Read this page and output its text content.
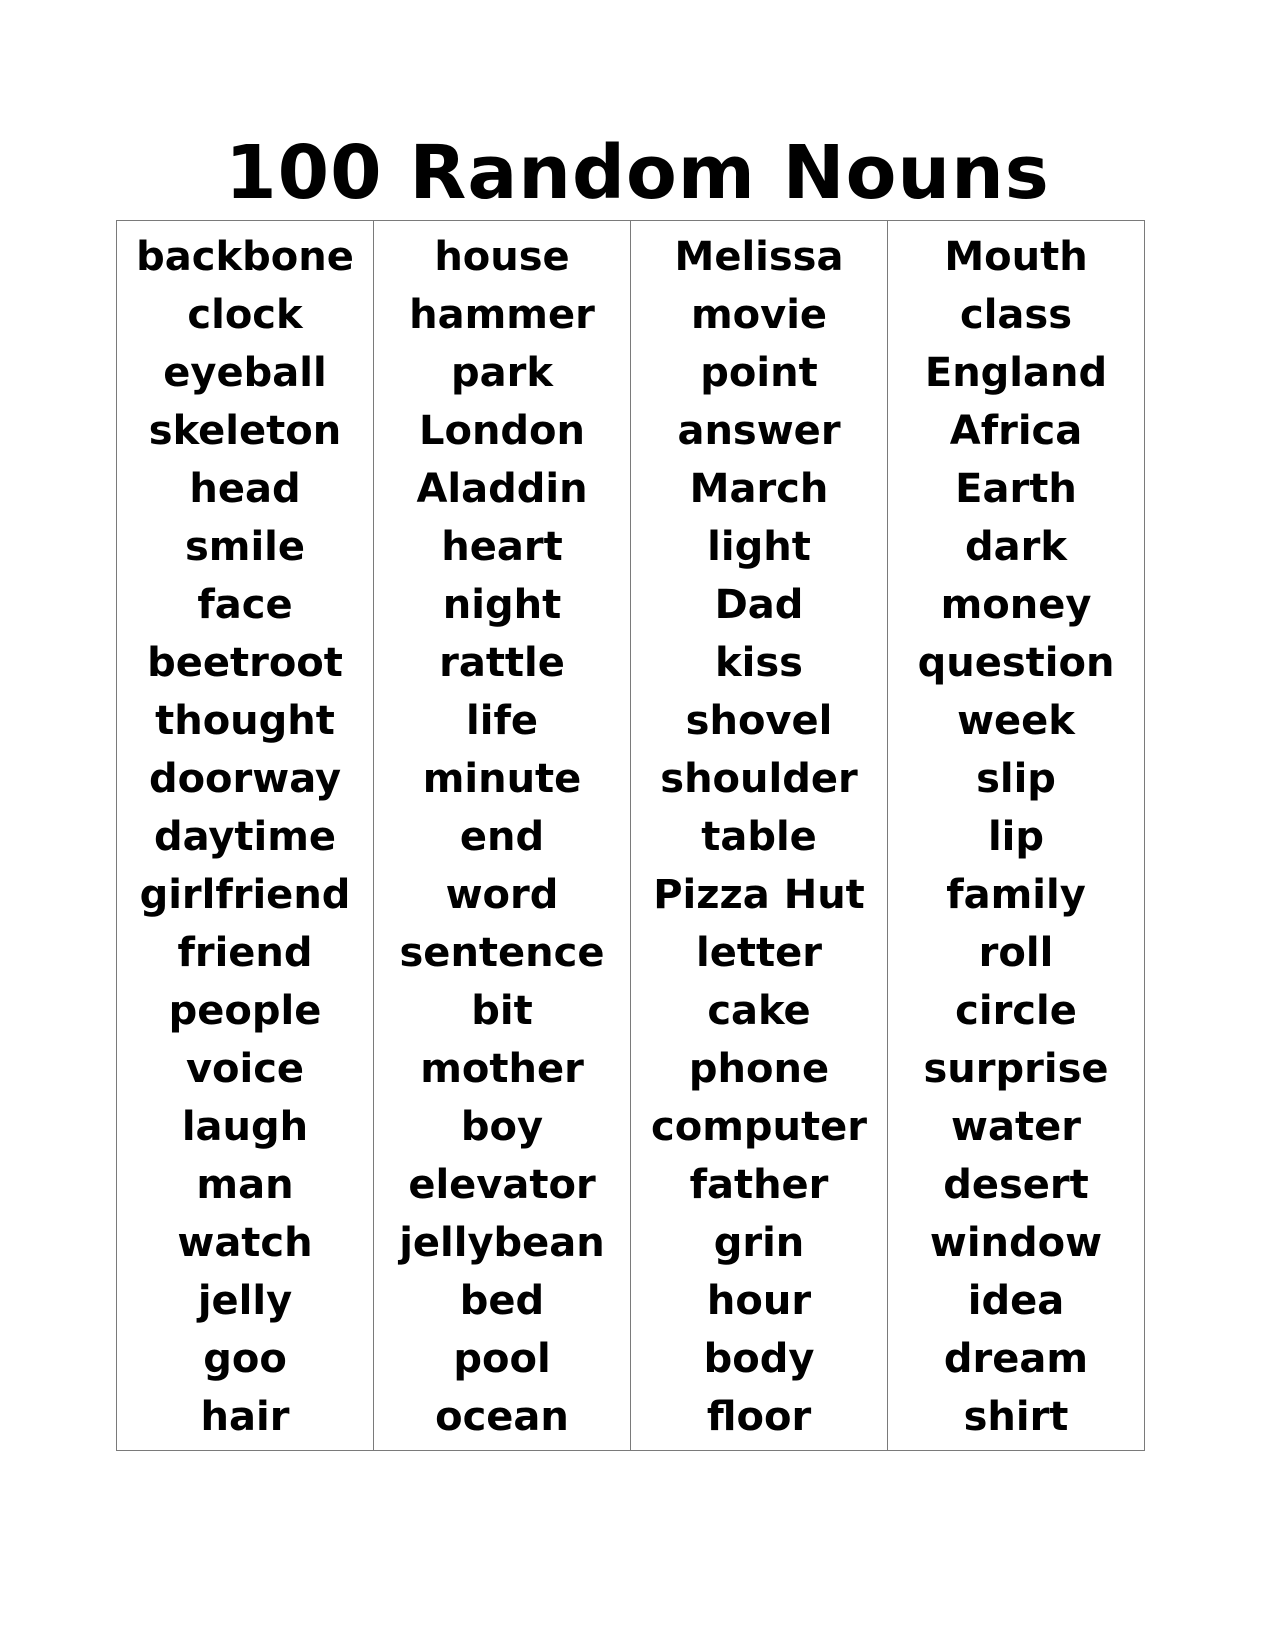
100 Random Nouns
backbone
clock
eyeball
skeleton
head
smile
face
beetroot
thought
doorway
daytime
girlfriend
friend
people
voice
laugh
man
watch
jelly
goo
hair
house
hammer
park
London
Aladdin
heart
night
rattle
life
minute
end
word
sentence
bit
mother
boy
elevator
jellybean
bed
pool
ocean
Melissa
movie
point
answer
March
light
Dad
kiss
shovel
shoulder
table
Pizza Hut
letter
cake
phone
computer
father
grin
hour
body
floor
Mouth
class
England
Africa
Earth
dark
money
question
week
slip
lip
family
roll
circle
surprise
water
desert
window
idea
dream
shirt
